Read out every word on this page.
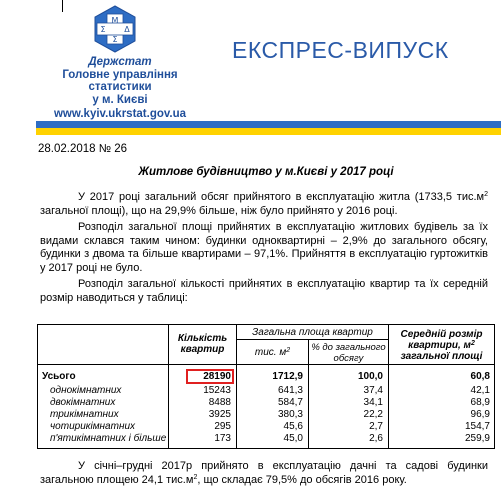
M
Σ Δ
Σ
Держстат
Головне управління
статистики
у м. Києві
www.kyiv.ukrstat.gov.ua
ЕКСПРЕС-ВИПУСК
28.02.2018 № 26
Житлове будівництво у м.Києві у 2017 році

У 2017 році загальний обсяг прийнятого в експлуатацію житла (1733,5 $тис.м^2$ загальної площі), що на 29,9% більше, ніж було прийнято у 2016 році.

Розподіл загальної площі прийнятих в експлуатацію житлових будівель за їх видами склався таким чином: будинки одноквартирні – 2,9% до загального обсягу, будинки з двома та більше квартирами – 97,1%. Прийняття в експлуатацію гуртожитків у 2017 році не було.

Розподіл загальної кількості прийнятих в експлуатацію квартир та їх середній розмір наводиться у таблиці:

Кількість квартир
Загальна площа квартир
тис. $м^2$	% до загального обсягу
Середній розмір квартири, $м^2$ загальної площі
Усього	28190	1712,9	100,0	60,8
однокімнатних	15243	641,3	37,4	42,1
двокімнатних	8488	584,7	34,1	68,9
трикімнатних	3925	380,3	22,2	96,9
чотирикімнатних	295	45,6	2,7	154,7
п'ятикімнатних і більше	173	45,0	2,6	259,9

У січні–грудні 2017р прийнято в експлуатацію дачні та садові будинки загальною площею 24,1 $тис.м^2$, що складає 79,5% до обсягів 2016 року.
